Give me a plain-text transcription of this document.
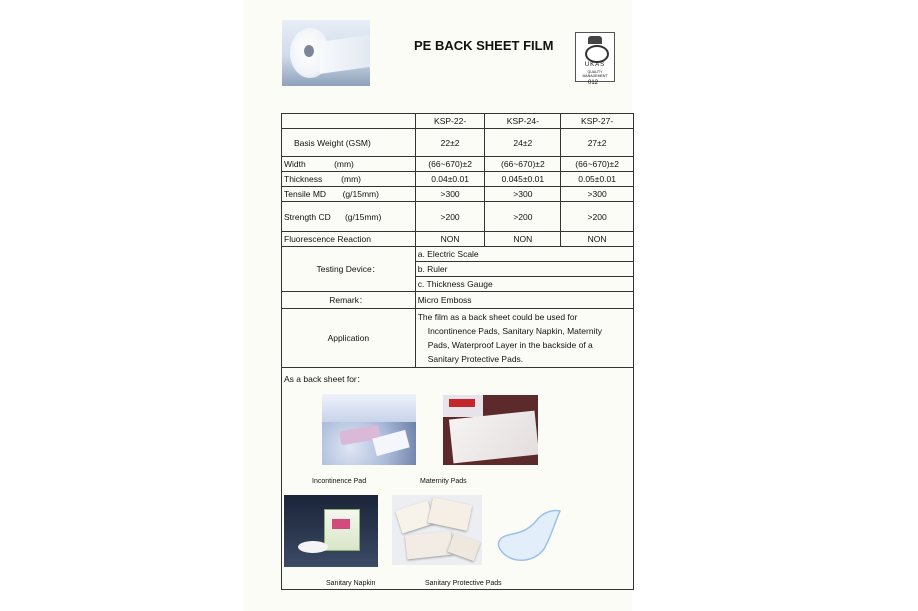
PE BACK SHEET FILM
UKAS
QUALITY MANAGEMENT
012
	KSP-22-	KSP-24-	KSP-27-
Basis Weight (GSM)	22±2	24±2	27±2
Width            (mm)	(66~670)±2	(66~670)±2	(66~670)±2
Thickness        (mm)	0.04±0.01	0.045±0.01	0.05±0.01
Tensile MD       (g/15mm)	>300	>300	>300
Strength CD      (g/15mm)	>200	>200	>200
Fluorescence Reaction	NON	NON	NON
Testing Device：	a. Electric Scale		
	b. Ruler		
	c. Thickness Gauge		
Remark：	Micro Emboss		
Application	The film as a back sheet could be used for
Incontinence Pads, Sanitary Napkin, Maternity
Pads, Waterproof Layer in the backside of a
Sanitary Protective Pads.		

As a back sheet for：
Incontinence Pad	Maternity Pads
Sanitary Napkin	Sanitary Protective Pads
